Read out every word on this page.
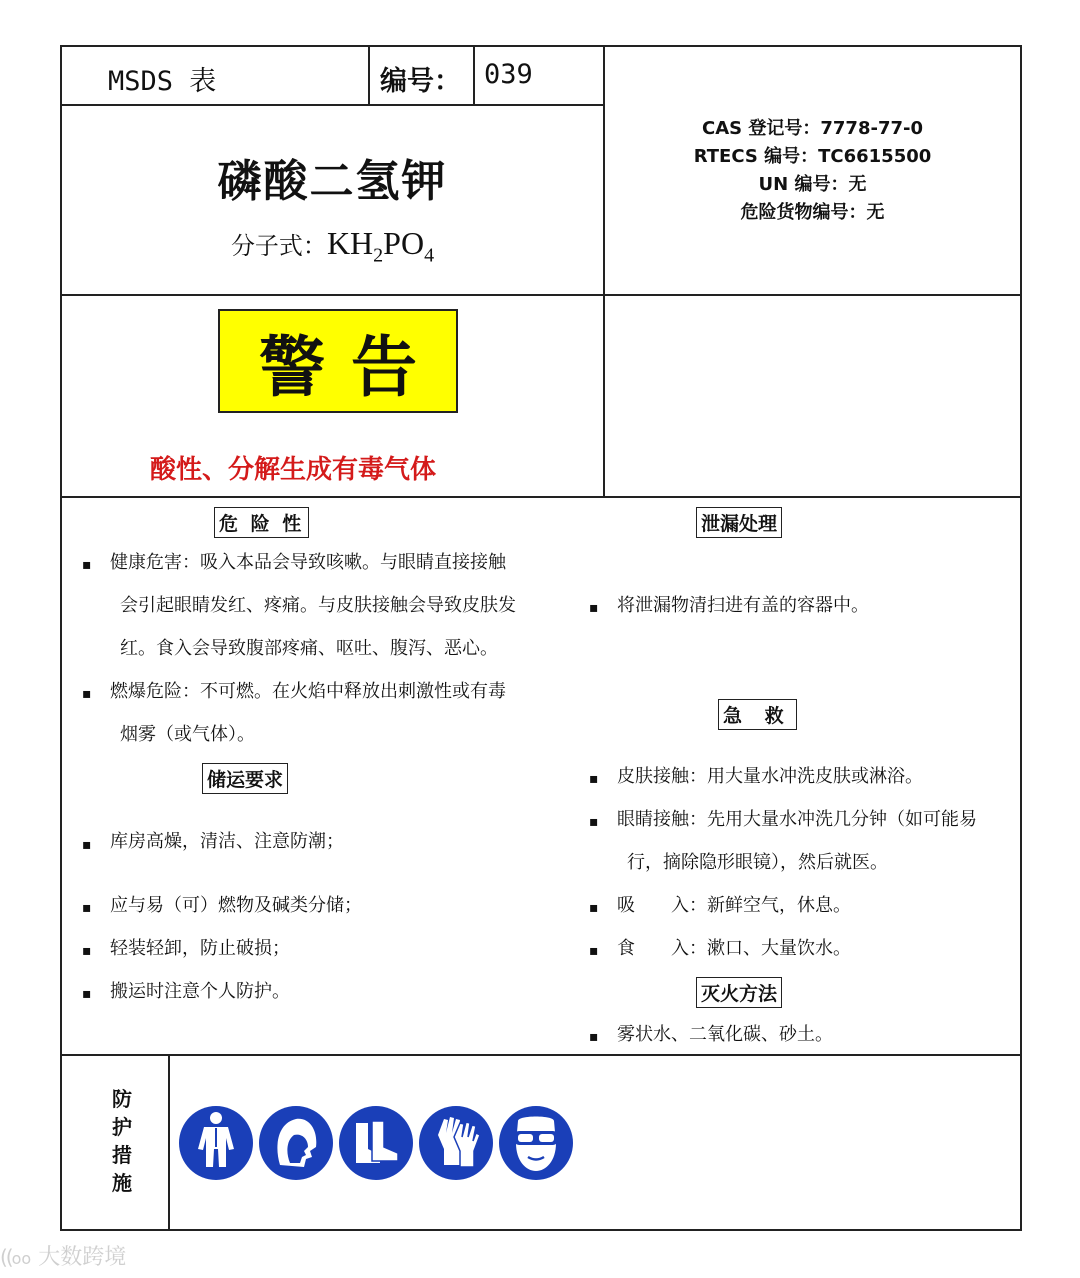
MSDS 表	编号： 039
磷酸二氢钾
分子式：$KH_2PO_4$
CAS 登记号：7778-77-0
RTECS 编号：TC6615500
UN 编号：无
危险货物编号：无
警告
酸性、分解生成有毒气体
危 险 性
▪ 健康危害：吸入本品会导致咳嗽。与眼睛直接接触
会引起眼睛发红、疼痛。与皮肤接触会导致皮肤发
红。食入会导致腹部疼痛、呕吐、腹泻、恶心。
▪ 燃爆危险：不可燃。在火焰中释放出刺激性或有毒
烟雾（或气体）。
储运要求
▪ 库房高燥，清洁、注意防潮；
▪ 应与易（可）燃物及碱类分储；
▪ 轻装轻卸，防止破损；
▪ 搬运时注意个人防护。
泄漏处理
▪ 将泄漏物清扫进有盖的容器中。
急 救
▪ 皮肤接触：用大量水冲洗皮肤或淋浴。
▪ 眼睛接触：先用大量水冲洗几分钟（如可能易
行，摘除隐形眼镜），然后就医。
▪ 吸　　入：新鲜空气，休息。
▪ 食　　入：漱口、大量饮水。
灭火方法
▪ 雾状水、二氧化碳、砂土。
防
护
措
施
((oo 大数跨境
